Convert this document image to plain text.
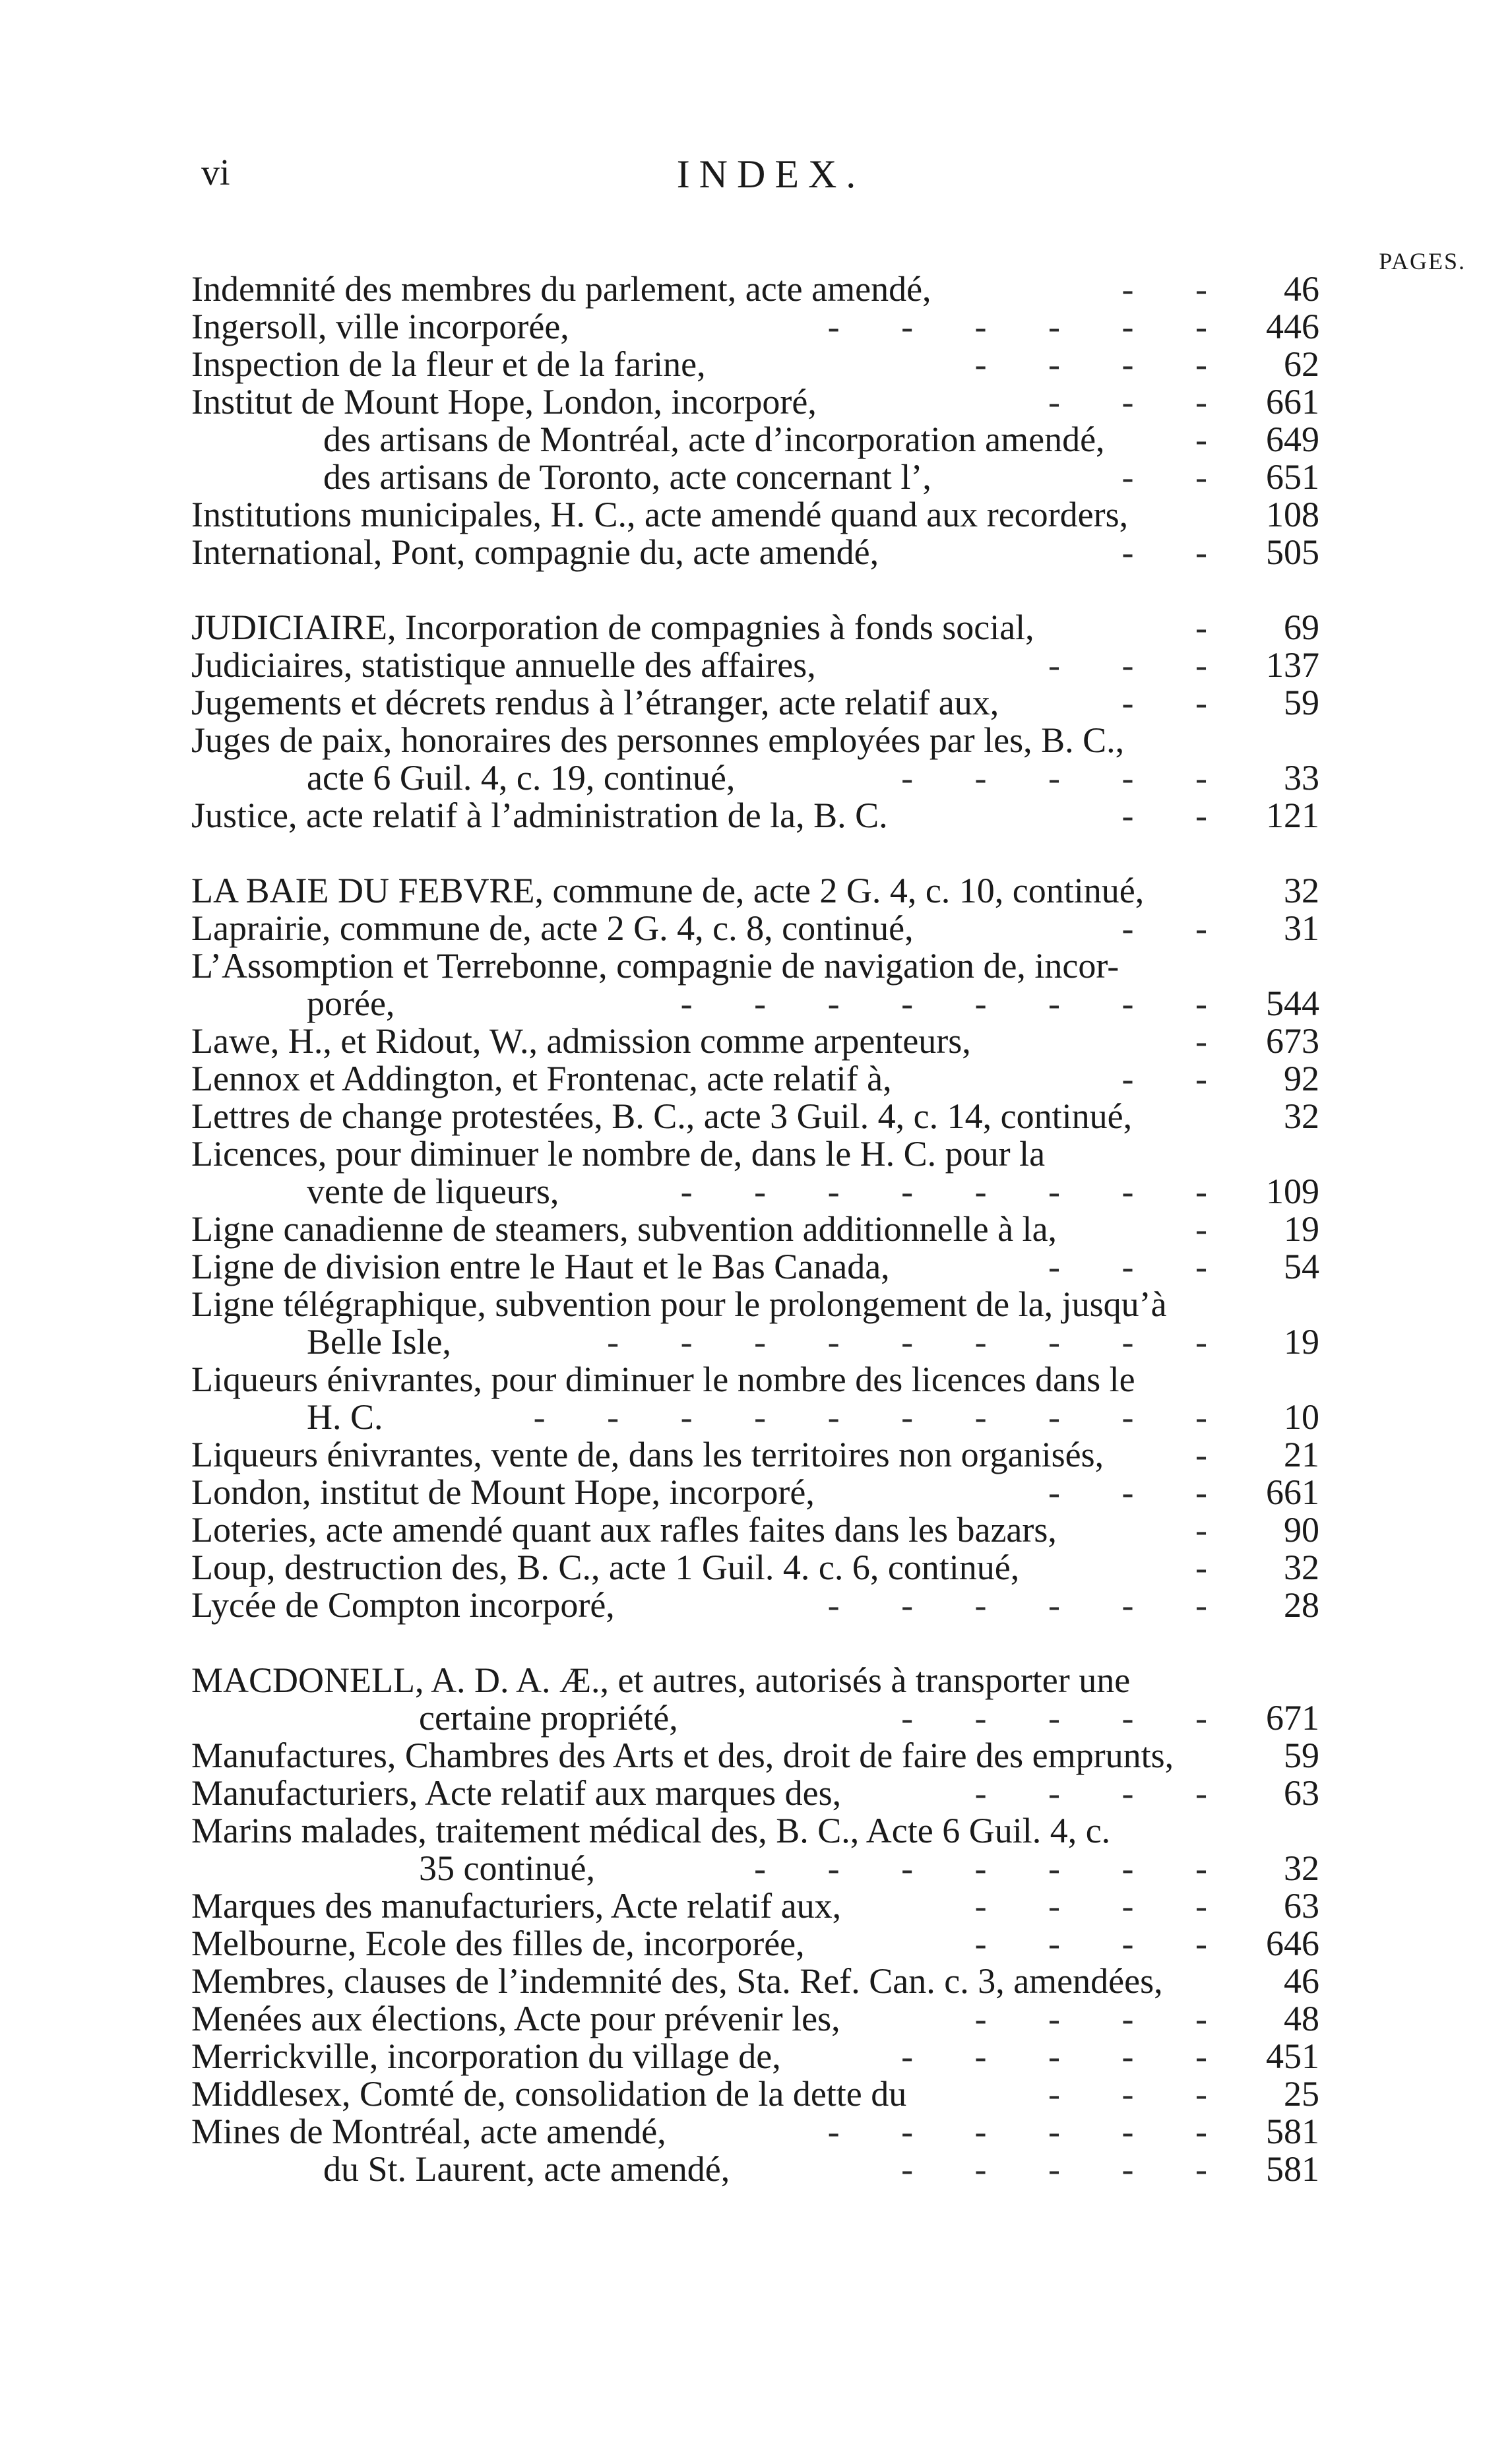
vi	INDEX.
PAGES.
Indemnité des membres du parlement, acte amendé,	- -	46
Ingersoll, ville incorporée,	- - - - - - 446
Inspection de la fleur et de la farine,	- - - -	62
Institut de Mount Hope, London, incorporé,	- - - 661
des artisans de Montréal, acte d’incorporation amendé,	- 649
des artisans de Toronto, acte concernant l’,	- - 651
Institutions municipales, H. C., acte amendé quand aux recorders,	108
International, Pont, compagnie du, acte amendé,	- - 505
JUDICIAIRE, Incorporation de compagnies à fonds social,	-	69
Judiciaires, statistique annuelle des affaires,	- - - 137
Jugements et décrets rendus à l’étranger, acte relatif aux,	- -	59
Juges de paix, honoraires des personnes employées par les, B. C.,
acte 6 Guil. 4, c. 19, continué,	- - - - -	33
Justice, acte relatif à l’administration de la, B. C.	- - 121
LA BAIE DU FEBVRE, commune de, acte 2 G. 4, c. 10, continué,	32
Laprairie, commune de, acte 2 G. 4, c. 8, continué,	- -	31
L’Assomption et Terrebonne, compagnie de navigation de, incor-
porée,	- - - - - - - - 544
Lawe, H., et Ridout, W., admission comme arpenteurs,	- 673
Lennox et Addington, et Frontenac, acte relatif à,	- -	92
Lettres de change protestées, B. C., acte 3 Guil. 4, c. 14, continué,	32
Licences, pour diminuer le nombre de, dans le H. C. pour la
vente de liqueurs,	- - - - - - - - 109
Ligne canadienne de steamers, subvention additionnelle à la,	-	19
Ligne de division entre le Haut et le Bas Canada,	- - -	54
Ligne télégraphique, subvention pour le prolongement de la, jusqu’à
Belle Isle,	- - - - - - - - -	19
Liqueurs énivrantes, pour diminuer le nombre des licences dans le
H. C.	- - - - - - - - - -	10
Liqueurs énivrantes, vente de, dans les territoires non organisés,	-	21
London, institut de Mount Hope, incorporé,	- - - 661
Loteries, acte amendé quant aux rafles faites dans les bazars,	-	90
Loup, destruction des, B. C., acte 1 Guil. 4. c. 6, continué,	-	32
Lycée de Compton incorporé,	- - - - - -	28
MACDONELL, A. D. A. Æ., et autres, autorisés à transporter une
certaine propriété,	- - - - - 671
Manufactures, Chambres des Arts et des, droit de faire des emprunts,	59
Manufacturiers, Acte relatif aux marques des,	- - - -	63
Marins malades, traitement médical des, B. C., Acte 6 Guil. 4, c.
35 continué,	- - - - - - -	32
Marques des manufacturiers, Acte relatif aux,	- - - -	63
Melbourne, Ecole des filles de, incorporée,	- - - - 646
Membres, clauses de l’indemnité des, Sta. Ref. Can. c. 3, amendées,	46
Menées aux élections, Acte pour prévenir les,	- - - -	48
Merrickville, incorporation du village de,	- - - - - 451
Middlesex, Comté de, consolidation de la dette du	- - -	25
Mines de Montréal, acte amendé,	- - - - - - 581
du St. Laurent, acte amendé,	- - - - - 581
